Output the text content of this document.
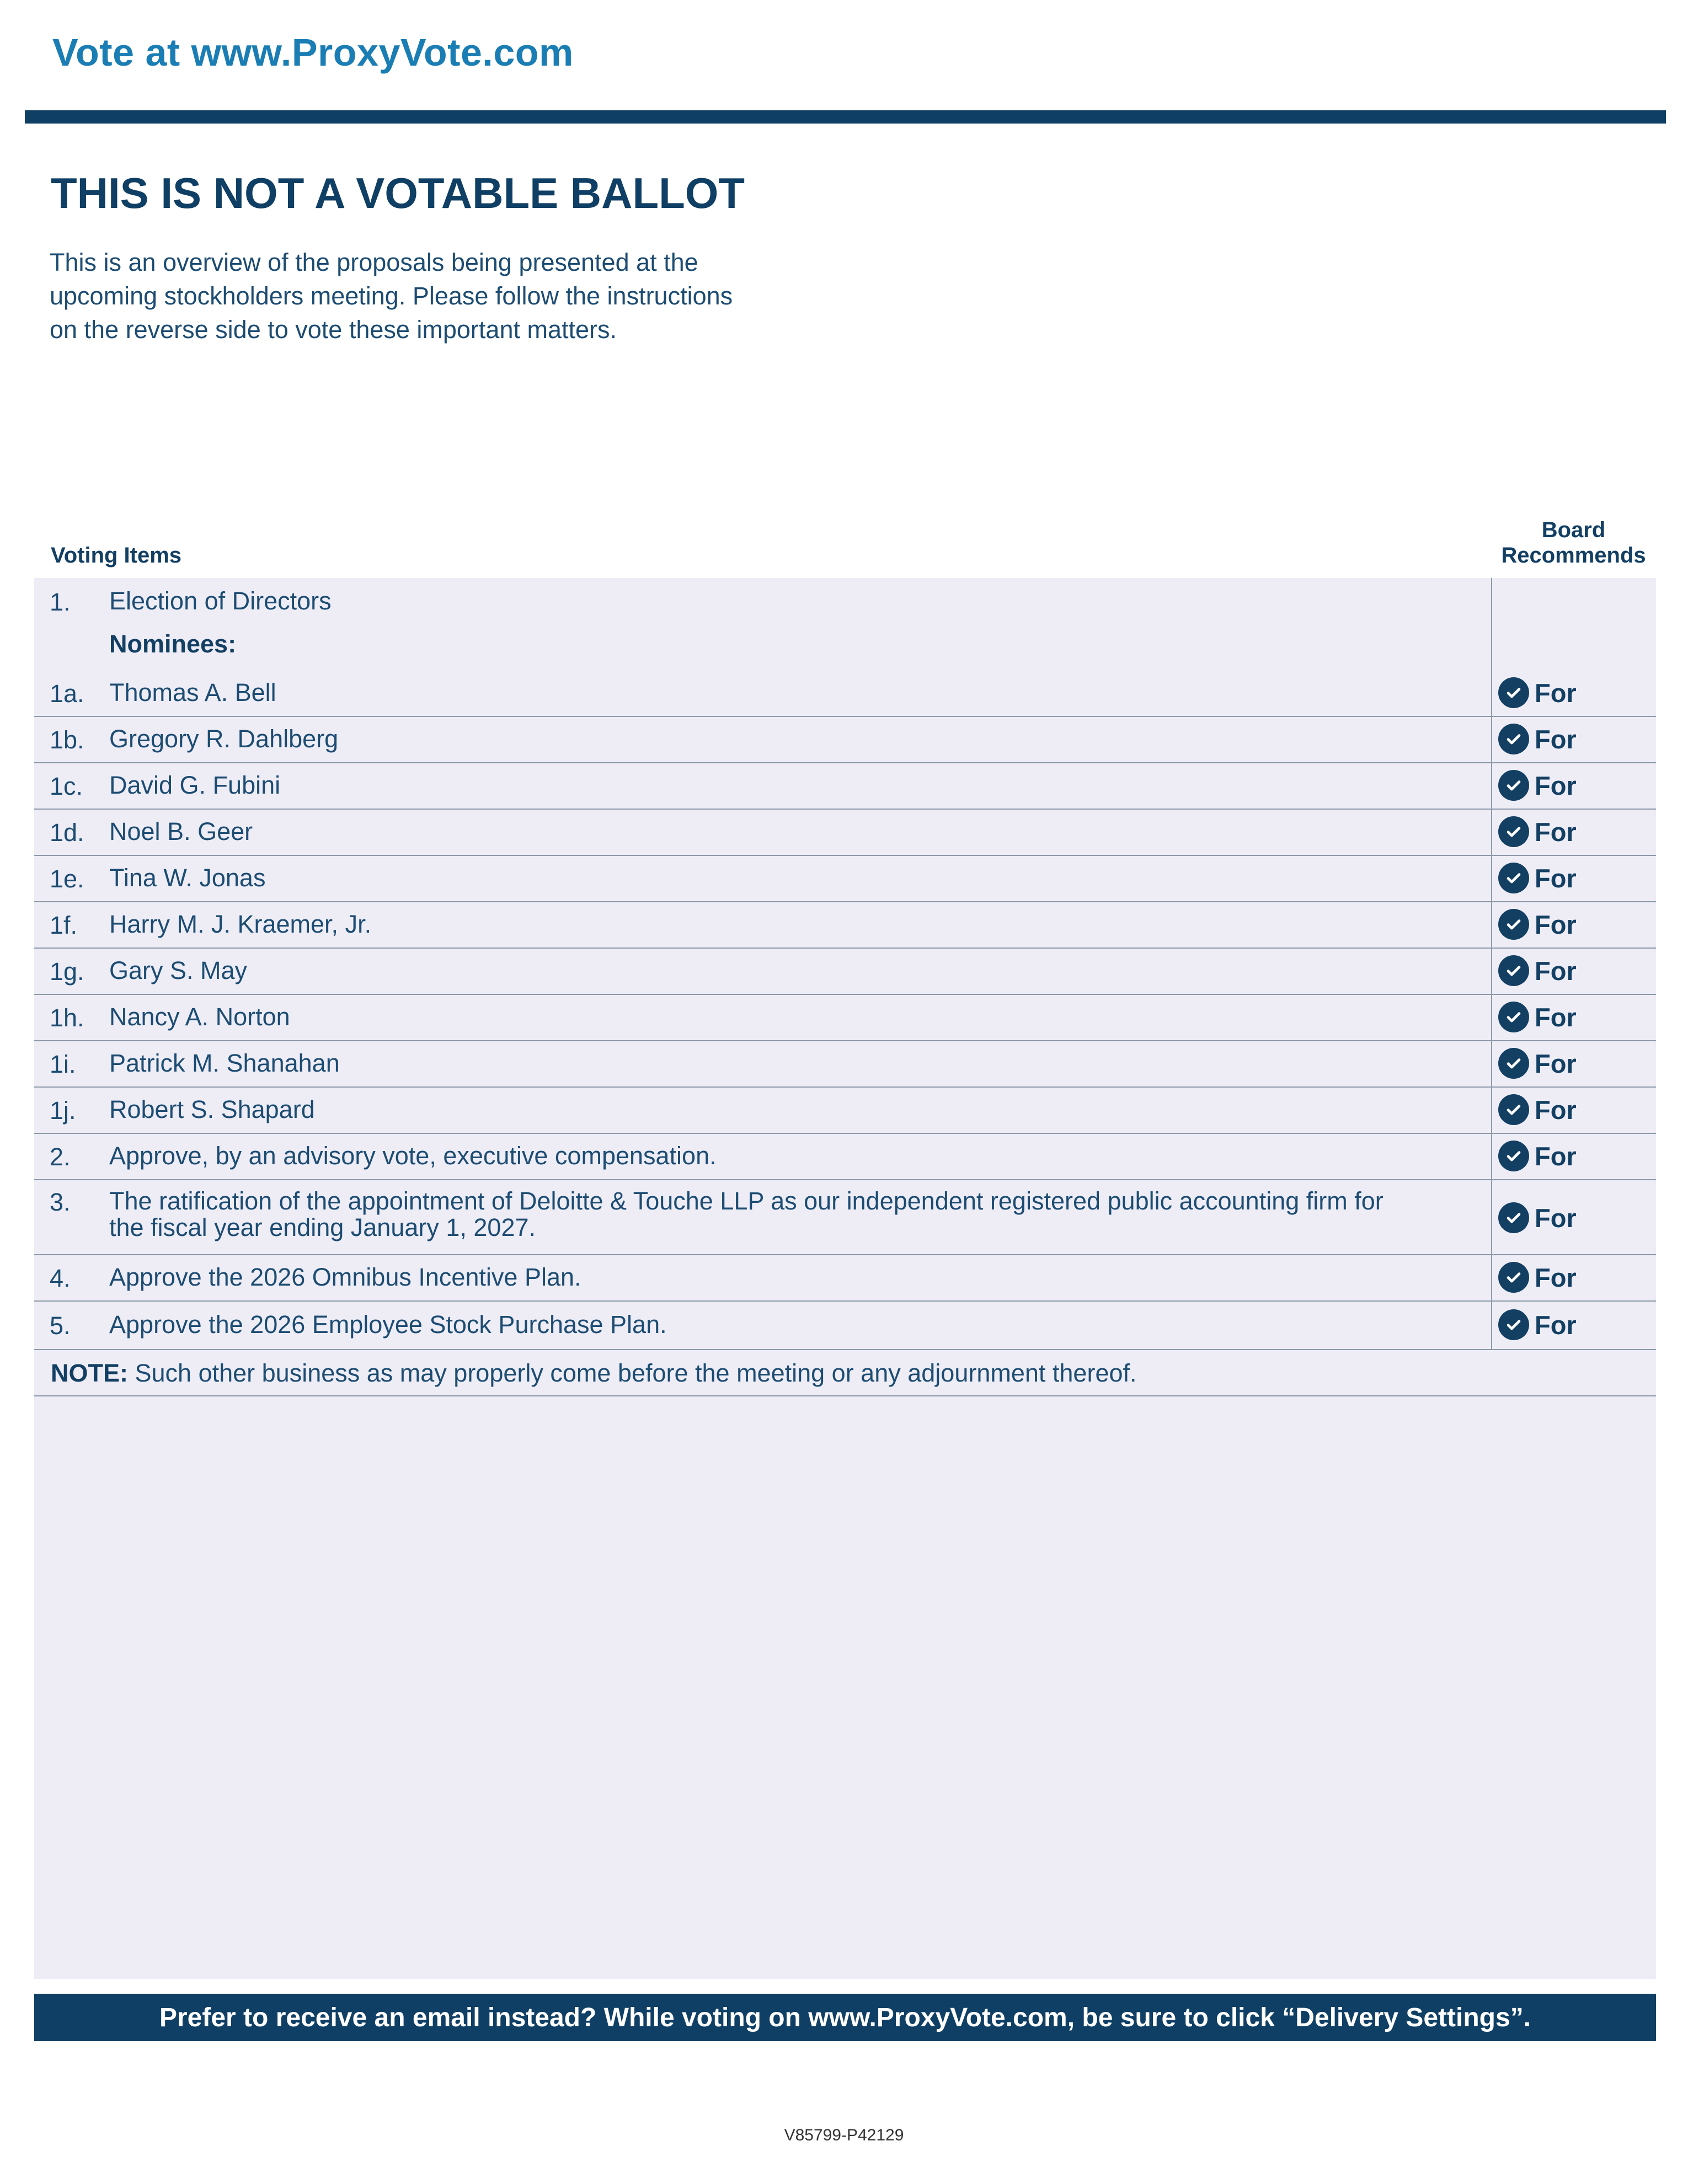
Vote at www.ProxyVote.com
THIS IS NOT A VOTABLE BALLOT
This is an overview of the proposals being presented at the
upcoming stockholders meeting. Please follow the instructions
on the reverse side to vote these important matters.
Voting Items
Board
Recommends
1. Election of Directors
Nominees:
1a. Thomas A. Bell	For
1b. Gregory R. Dahlberg	For
1c. David G. Fubini	For
1d. Noel B. Geer	For
1e. Tina W. Jonas	For
1f. Harry M. J. Kraemer, Jr.	For
1g. Gary S. May	For
1h. Nancy A. Norton	For
1i. Patrick M. Shanahan	For
1j. Robert S. Shapard	For
2. Approve, by an advisory vote, executive compensation.	For
3. The ratification of the appointment of Deloitte & Touche LLP as our independent registered public accounting firm for
the fiscal year ending January 1, 2027.	For
4. Approve the 2026 Omnibus Incentive Plan.	For
5. Approve the 2026 Employee Stock Purchase Plan.	For
NOTE: Such other business as may properly come before the meeting or any adjournment thereof.
Prefer to receive an email instead? While voting on www.ProxyVote.com, be sure to click “Delivery Settings”.
V85799-P42129
